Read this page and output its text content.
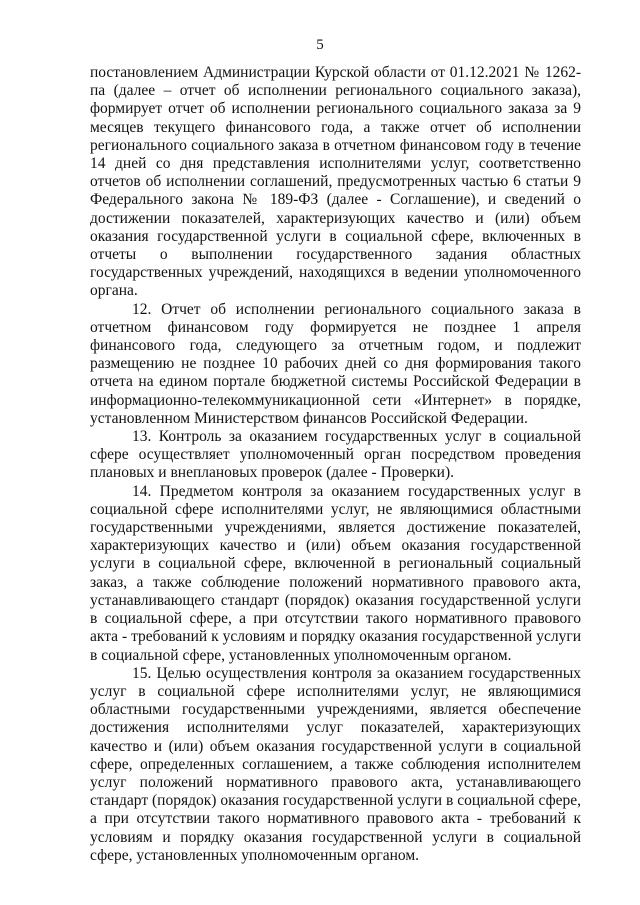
5

постановлением Администрации Курской области от 01.12.2021 № 1262-па (далее – отчет об исполнении регионального социального заказа), формирует отчет об исполнении регионального социального заказа за 9 месяцев текущего финансового года, а также отчет об исполнении регионального социального заказа в отчетном финансовом году в течение 14 дней со дня представления исполнителями услуг, соответственно отчетов об исполнении соглашений, предусмотренных частью 6 статьи 9 Федерального закона № 189-ФЗ (далее - Соглашение), и сведений о достижении показателей, характеризующих качество и (или) объем оказания государственной услуги в социальной сфере, включенных в отчеты о выполнении государственного задания областных государственных учреждений, находящихся в ведении уполномоченного органа.

12. Отчет об исполнении регионального социального заказа в отчетном финансовом году формируется не позднее 1 апреля финансового года, следующего за отчетным годом, и подлежит размещению не позднее 10 рабочих дней со дня формирования такого отчета на едином портале бюджетной системы Российской Федерации в информационно-телекоммуникационной сети «Интернет» в порядке, установленном Министерством финансов Российской Федерации.

13. Контроль за оказанием государственных услуг в социальной сфере осуществляет уполномоченный орган посредством проведения плановых и внеплановых проверок (далее - Проверки).

14. Предметом контроля за оказанием государственных услуг в социальной сфере исполнителями услуг, не являющимися областными государственными учреждениями, является достижение показателей, характеризующих качество и (или) объем оказания государственной услуги в социальной сфере, включенной в региональный социальный заказ, а также соблюдение положений нормативного правового акта, устанавливающего стандарт (порядок) оказания государственной услуги в социальной сфере, а при отсутствии такого нормативного правового акта - требований к условиям и порядку оказания государственной услуги в социальной сфере, установленных уполномоченным органом.

15. Целью осуществления контроля за оказанием государственных услуг в социальной сфере исполнителями услуг, не являющимися областными государственными учреждениями, является обеспечение достижения исполнителями услуг показателей, характеризующих качество и (или) объем оказания государственной услуги в социальной сфере, определенных соглашением, а также соблюдения исполнителем услуг положений нормативного правового акта, устанавливающего стандарт (порядок) оказания государственной услуги в социальной сфере, а при отсутствии такого нормативного правового акта - требований к условиям и порядку оказания государственной услуги в социальной сфере, установленных уполномоченным органом.
